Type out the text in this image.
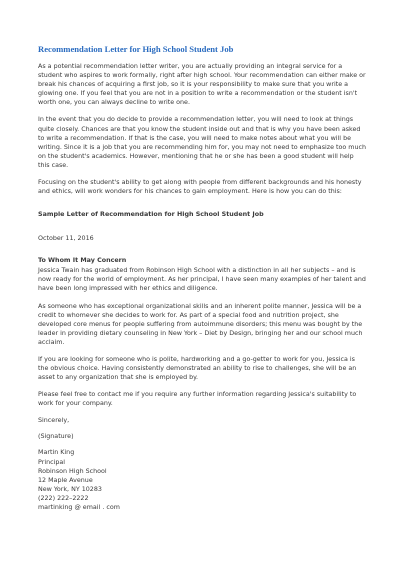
Recommendation Letter for High School Student Job

As a potential recommendation letter writer, you are actually providing an integral service for a student who aspires to work formally, right after high school. Your recommendation can either make or break his chances of acquiring a first job, so it is your responsibility to make sure that you write a glowing one. If you feel that you are not in a position to write a recommendation or the student isn't worth one, you can always decline to write one.

In the event that you do decide to provide a recommendation letter, you will need to look at things quite closely. Chances are that you know the student inside out and that is why you have been asked to write a recommendation. If that is the case, you will need to make notes about what you will be writing. Since it is a job that you are recommending him for, you may not need to emphasize too much on the student's academics. However, mentioning that he or she has been a good student will help this case.

Focusing on the student's ability to get along with people from different backgrounds and his honesty and ethics, will work wonders for his chances to gain employment. Here is how you can do this:

Sample Letter of Recommendation for High School Student Job
October 11, 2016
To Whom It May Concern

Jessica Twain has graduated from Robinson High School with a distinction in all her subjects – and is now ready for the world of employment. As her principal, I have seen many examples of her talent and have been long impressed with her ethics and diligence.

As someone who has exceptional organizational skills and an inherent polite manner, Jessica will be a credit to whomever she decides to work for. As part of a special food and nutrition project, she developed core menus for people suffering from autoimmune disorders; this menu was bought by the leader in providing dietary counseling in New York – Diet by Design, bringing her and our school much acclaim.

If you are looking for someone who is polite, hardworking and a go-getter to work for you, Jessica is the obvious choice. Having consistently demonstrated an ability to rise to challenges, she will be an asset to any organization that she is employed by.

Please feel free to contact me if you require any further information regarding Jessica's suitability to work for your company.

Sincerely,
(Signature)
Martin King
Principal
Robinson High School
12 Maple Avenue
New York, NY 10283
(222) 222–2222
martinking @ email . com
